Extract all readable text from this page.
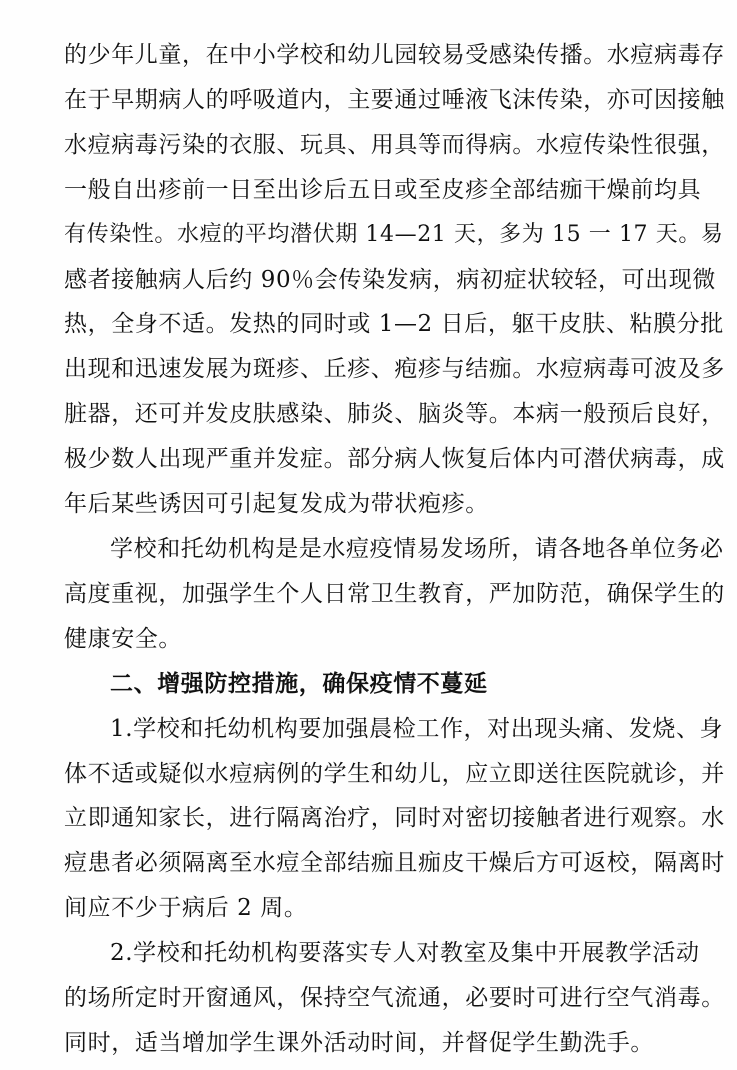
的少年儿童，在中小学校和幼儿园较易受感染传播。水痘病毒存
在于早期病人的呼吸道内，主要通过唾液飞沫传染，亦可因接触
水痘病毒污染的衣服、玩具、用具等而得病。水痘传染性很强，
一般自出疹前一日至出诊后五日或至皮疹全部结痂干燥前均具
有传染性。水痘的平均潜伏期 14—21 天，多为 15 一 17 天。易
感者接触病人后约 90％会传染发病，病初症状较轻，可出现微
热，全身不适。发热的同时或 1—2 日后，躯干皮肤、粘膜分批
出现和迅速发展为斑疹、丘疹、疱疹与结痂。水痘病毒可波及多
脏器，还可并发皮肤感染、肺炎、脑炎等。本病一般预后良好，
极少数人出现严重并发症。部分病人恢复后体内可潜伏病毒，成
年后某些诱因可引起复发成为带状疱疹。
学校和托幼机构是是水痘疫情易发场所，请各地各单位务必
高度重视，加强学生个人日常卫生教育，严加防范，确保学生的
健康安全。
二、增强防控措施，确保疫情不蔓延
1.学校和托幼机构要加强晨检工作，对出现头痛、发烧、身
体不适或疑似水痘病例的学生和幼儿，应立即送往医院就诊，并
立即通知家长，进行隔离治疗，同时对密切接触者进行观察。水
痘患者必须隔离至水痘全部结痂且痂皮干燥后方可返校，隔离时
间应不少于病后 2 周。
2.学校和托幼机构要落实专人对教室及集中开展教学活动
的场所定时开窗通风，保持空气流通，必要时可进行空气消毒。
同时，适当增加学生课外活动时间，并督促学生勤洗手。
